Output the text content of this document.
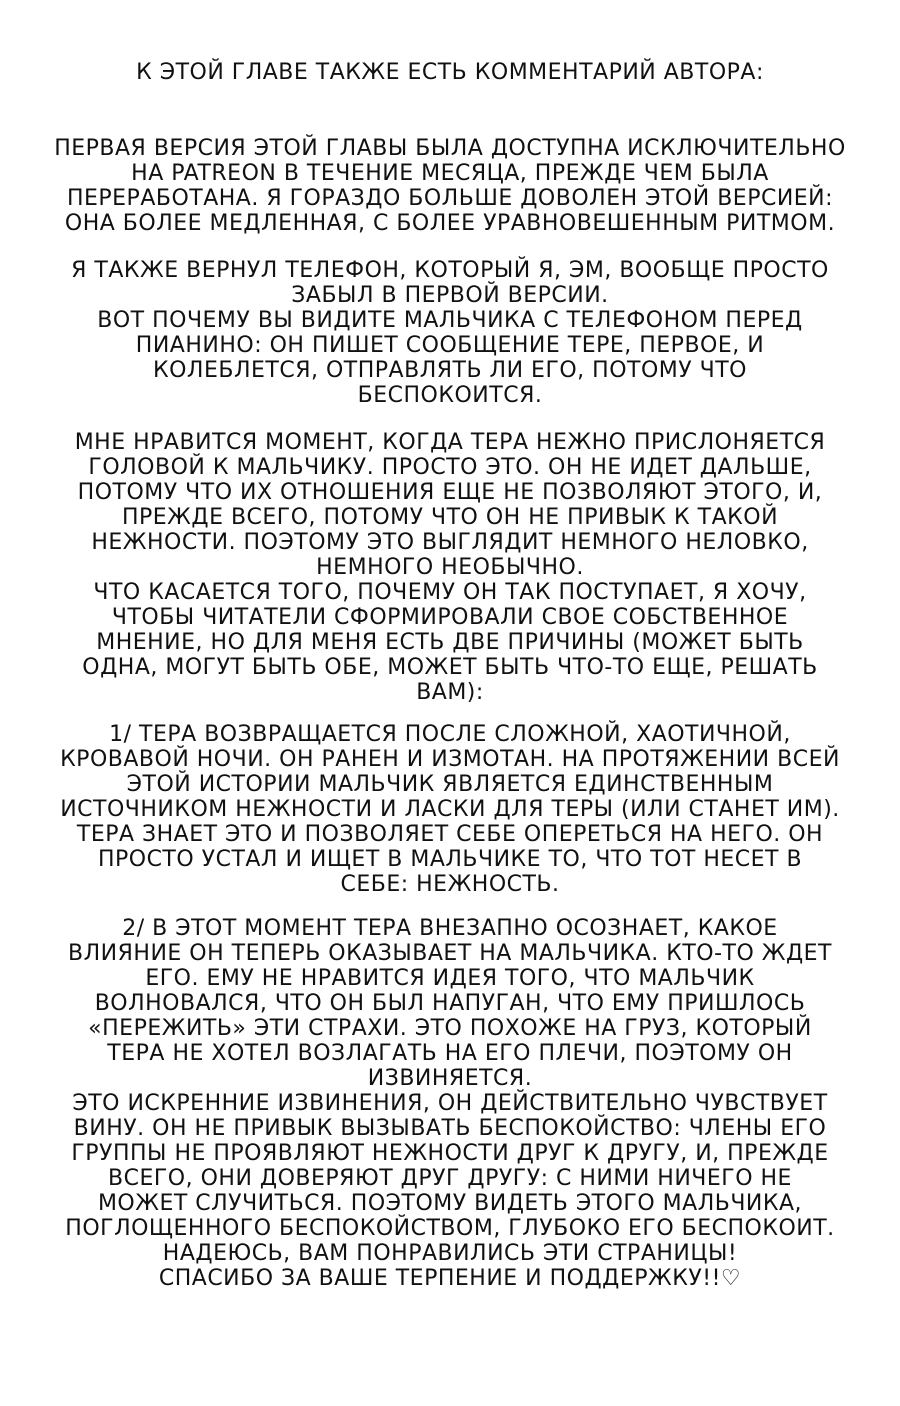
К ЭТОЙ ГЛАВЕ ТАКЖЕ ЕСТЬ КОММЕНТАРИЙ АВТОРА:
ПЕРВАЯ ВЕРСИЯ ЭТОЙ ГЛАВЫ БЫЛА ДОСТУПНА ИСКЛЮЧИТЕЛЬНО
НА PATREON В ТЕЧЕНИЕ МЕСЯЦА, ПРЕЖДЕ ЧЕМ БЫЛА
ПЕРЕРАБОТАНА. Я ГОРАЗДО БОЛЬШЕ ДОВОЛЕН ЭТОЙ ВЕРСИЕЙ:
ОНА БОЛЕЕ МЕДЛЕННАЯ, С БОЛЕЕ УРАВНОВЕШЕННЫМ РИТМОМ.
Я ТАКЖЕ ВЕРНУЛ ТЕЛЕФОН, КОТОРЫЙ Я, ЭМ, ВООБЩЕ ПРОСТО
ЗАБЫЛ В ПЕРВОЙ ВЕРСИИ.
ВОТ ПОЧЕМУ ВЫ ВИДИТЕ МАЛЬЧИКА С ТЕЛЕФОНОМ ПЕРЕД
ПИАНИНО: ОН ПИШЕТ СООБЩЕНИЕ ТЕРЕ, ПЕРВОЕ, И
КОЛЕБЛЕТСЯ, ОТПРАВЛЯТЬ ЛИ ЕГО, ПОТОМУ ЧТО
БЕСПОКОИТСЯ.
МНЕ НРАВИТСЯ МОМЕНТ, КОГДА ТЕРА НЕЖНО ПРИСЛОНЯЕТСЯ
ГОЛОВОЙ К МАЛЬЧИКУ. ПРОСТО ЭТО. ОН НЕ ИДЕТ ДАЛЬШЕ,
ПОТОМУ ЧТО ИХ ОТНОШЕНИЯ ЕЩЕ НЕ ПОЗВОЛЯЮТ ЭТОГО, И,
ПРЕЖДЕ ВСЕГО, ПОТОМУ ЧТО ОН НЕ ПРИВЫК К ТАКОЙ
НЕЖНОСТИ. ПОЭТОМУ ЭТО ВЫГЛЯДИТ НЕМНОГО НЕЛОВКО,
НЕМНОГО НЕОБЫЧНО.
ЧТО КАСАЕТСЯ ТОГО, ПОЧЕМУ ОН ТАК ПОСТУПАЕТ, Я ХОЧУ,
ЧТОБЫ ЧИТАТЕЛИ СФОРМИРОВАЛИ СВОЕ СОБСТВЕННОЕ
МНЕНИЕ, НО ДЛЯ МЕНЯ ЕСТЬ ДВЕ ПРИЧИНЫ (МОЖЕТ БЫТЬ
ОДНА, МОГУТ БЫТЬ ОБЕ, МОЖЕТ БЫТЬ ЧТО-ТО ЕЩЕ, РЕШАТЬ
ВАМ):
1/ ТЕРА ВОЗВРАЩАЕТСЯ ПОСЛЕ СЛОЖНОЙ, ХАОТИЧНОЙ,
КРОВАВОЙ НОЧИ. ОН РАНЕН И ИЗМОТАН. НА ПРОТЯЖЕНИИ ВСЕЙ
ЭТОЙ ИСТОРИИ МАЛЬЧИК ЯВЛЯЕТСЯ ЕДИНСТВЕННЫМ
ИСТОЧНИКОМ НЕЖНОСТИ И ЛАСКИ ДЛЯ ТЕРЫ (ИЛИ СТАНЕТ ИМ).
ТЕРА ЗНАЕТ ЭТО И ПОЗВОЛЯЕТ СЕБЕ ОПЕРЕТЬСЯ НА НЕГО. ОН
ПРОСТО УСТАЛ И ИЩЕТ В МАЛЬЧИКЕ ТО, ЧТО ТОТ НЕСЕТ В
СЕБЕ: НЕЖНОСТЬ.
2/ В ЭТОТ МОМЕНТ ТЕРА ВНЕЗАПНО ОСОЗНАЕТ, КАКОЕ
ВЛИЯНИЕ ОН ТЕПЕРЬ ОКАЗЫВАЕТ НА МАЛЬЧИКА. КТО-ТО ЖДЕТ
ЕГО. ЕМУ НЕ НРАВИТСЯ ИДЕЯ ТОГО, ЧТО МАЛЬЧИК
ВОЛНОВАЛСЯ, ЧТО ОН БЫЛ НАПУГАН, ЧТО ЕМУ ПРИШЛОСЬ
«ПЕРЕЖИТЬ» ЭТИ СТРАХИ. ЭТО ПОХОЖЕ НА ГРУЗ, КОТОРЫЙ
ТЕРА НЕ ХОТЕЛ ВОЗЛАГАТЬ НА ЕГО ПЛЕЧИ, ПОЭТОМУ ОН
ИЗВИНЯЕТСЯ.
ЭТО ИСКРЕННИЕ ИЗВИНЕНИЯ, ОН ДЕЙСТВИТЕЛЬНО ЧУВСТВУЕТ
ВИНУ. ОН НЕ ПРИВЫК ВЫЗЫВАТЬ БЕСПОКОЙСТВО: ЧЛЕНЫ ЕГО
ГРУППЫ НЕ ПРОЯВЛЯЮТ НЕЖНОСТИ ДРУГ К ДРУГУ, И, ПРЕЖДЕ
ВСЕГО, ОНИ ДОВЕРЯЮТ ДРУГ ДРУГУ: С НИМИ НИЧЕГО НЕ
МОЖЕТ СЛУЧИТЬСЯ. ПОЭТОМУ ВИДЕТЬ ЭТОГО МАЛЬЧИКА,
ПОГЛОЩЕННОГО БЕСПОКОЙСТВОМ, ГЛУБОКО ЕГО БЕСПОКОИТ.
НАДЕЮСЬ, ВАМ ПОНРАВИЛИСЬ ЭТИ СТРАНИЦЫ!
СПАСИБО ЗА ВАШЕ ТЕРПЕНИЕ И ПОДДЕРЖКУ!!♡
